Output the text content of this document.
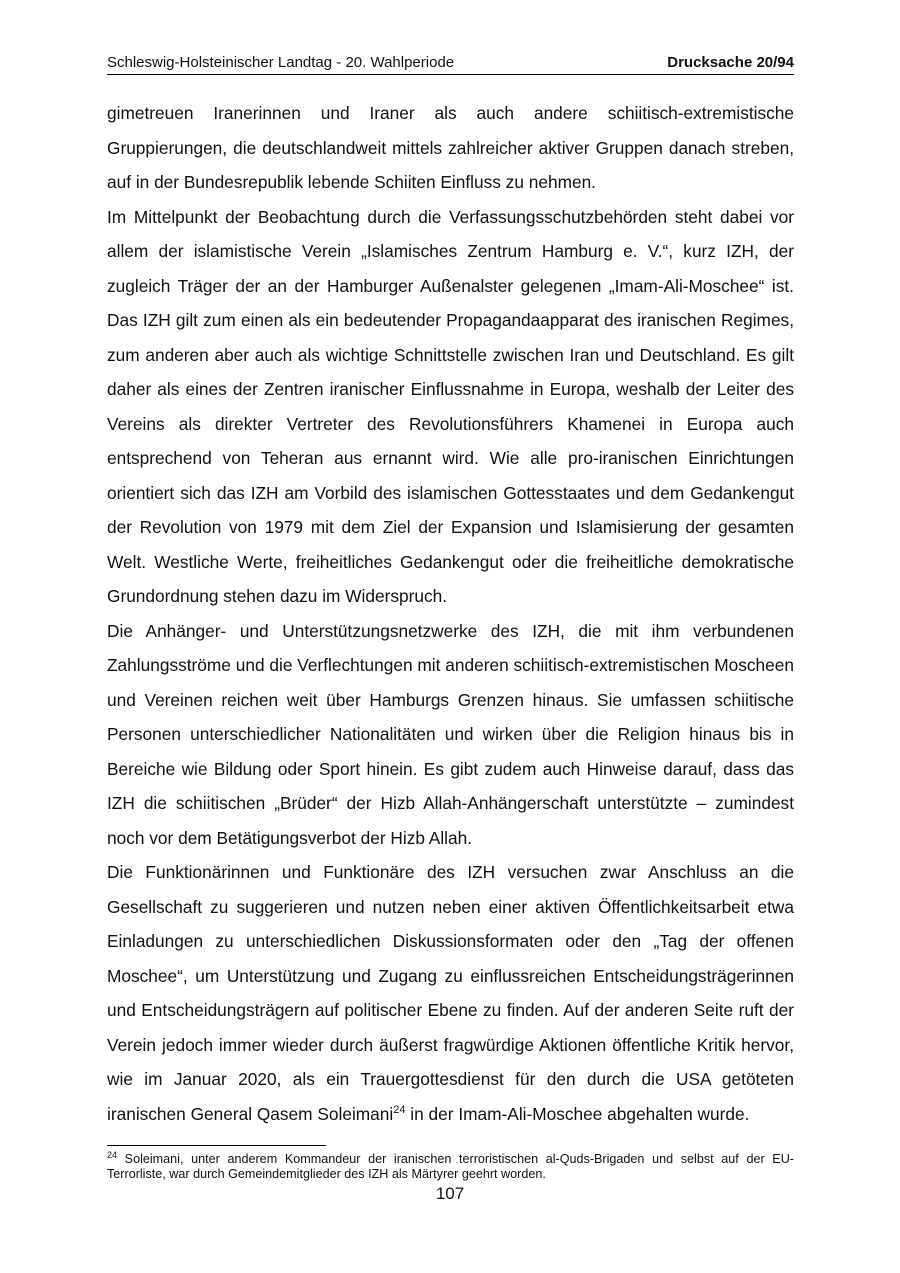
Schleswig-Holsteinischer Landtag - 20. Wahlperiode	Drucksache 20/94

gimetreuen Iranerinnen und Iraner als auch andere schiitisch-extremistische Gruppierungen, die deutschlandweit mittels zahlreicher aktiver Gruppen danach streben, auf in der Bundesrepublik lebende Schiiten Einfluss zu nehmen.

Im Mittelpunkt der Beobachtung durch die Verfassungsschutzbehörden steht dabei vor allem der islamistische Verein „Islamisches Zentrum Hamburg e. V.“, kurz IZH, der zugleich Träger der an der Hamburger Außenalster gelegenen „Imam-Ali-Moschee“ ist. Das IZH gilt zum einen als ein bedeutender Propagandaapparat des iranischen Regimes, zum anderen aber auch als wichtige Schnittstelle zwischen Iran und Deutschland. Es gilt daher als eines der Zentren iranischer Einflussnahme in Europa, weshalb der Leiter des Vereins als direkter Vertreter des Revolutionsführers Khamenei in Europa auch entsprechend von Teheran aus ernannt wird. Wie alle pro-iranischen Einrichtungen orientiert sich das IZH am Vorbild des islamischen Gottesstaates und dem Gedankengut der Revolution von 1979 mit dem Ziel der Expansion und Islamisierung der gesamten Welt. Westliche Werte, freiheitliches Gedankengut oder die freiheitliche demokratische Grundordnung stehen dazu im Widerspruch.

Die Anhänger- und Unterstützungsnetzwerke des IZH, die mit ihm verbundenen Zahlungsströme und die Verflechtungen mit anderen schiitisch-extremistischen Moscheen und Vereinen reichen weit über Hamburgs Grenzen hinaus. Sie umfassen schiitische Personen unterschiedlicher Nationalitäten und wirken über die Religion hinaus bis in Bereiche wie Bildung oder Sport hinein. Es gibt zudem auch Hinweise darauf, dass das IZH die schiitischen „Brüder“ der Hizb Allah-Anhängerschaft unterstützte – zumindest noch vor dem Betätigungsverbot der Hizb Allah.

Die Funktionärinnen und Funktionäre des IZH versuchen zwar Anschluss an die Gesellschaft zu suggerieren und nutzen neben einer aktiven Öffentlichkeitsarbeit etwa Einladungen zu unterschiedlichen Diskussionsformaten oder den „Tag der offenen Moschee“, um Unterstützung und Zugang zu einflussreichen Entscheidungsträgerinnen und Entscheidungsträgern auf politischer Ebene zu finden. Auf der anderen Seite ruft der Verein jedoch immer wieder durch äußerst fragwürdige Aktionen öffentliche Kritik hervor, wie im Januar 2020, als ein Trauergottesdienst für den durch die USA getöteten iranischen General Qasem Soleimani$^{24}$ in der Imam-Ali-Moschee abgehalten wurde.

$^{24}$ Soleimani, unter anderem Kommandeur der iranischen terroristischen al-Quds-Brigaden und selbst auf der EU-Terrorliste, war durch Gemeindemitglieder des IZH als Märtyrer geehrt worden.
107
